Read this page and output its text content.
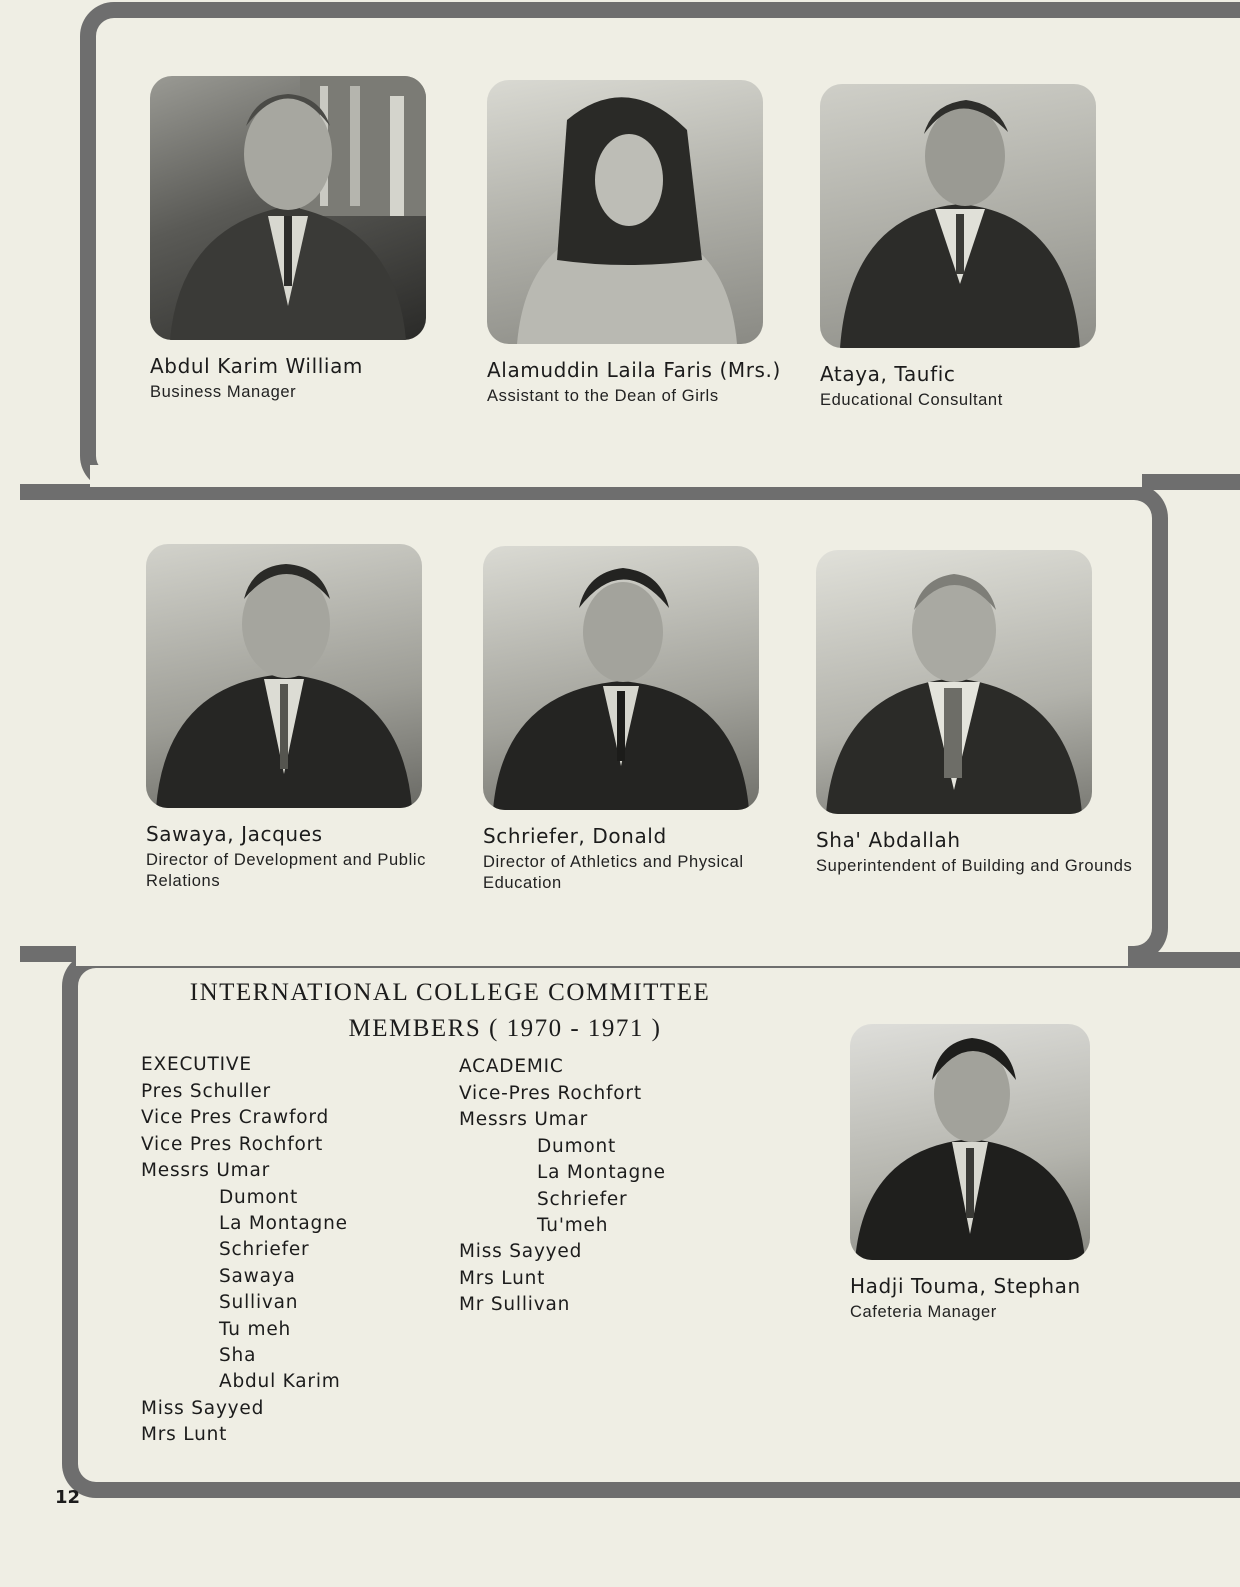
Abdul Karim William
Business Manager
Alamuddin Laila Faris (Mrs.)
Assistant to the Dean of Girls
Ataya, Taufic
Educational Consultant
Sawaya, Jacques
Director of Development and Public Relations
Schriefer, Donald
Director of Athletics and Physical Education
Sha' Abdallah
Superintendent of Building and Grounds
INTERNATIONAL COLLEGE COMMITTEE
MEMBERS ( 1970 - 1971 )
EXECUTIVE
Pres Schuller
Vice Pres Crawford
Vice Pres Rochfort
Messrs Umar
Dumont
La Montagne
Schriefer
Sawaya
Sullivan
Tu meh
Sha
Abdul Karim
Miss Sayyed
Mrs Lunt
ACADEMIC
Vice-Pres Rochfort
Messrs Umar
Dumont
La Montagne
Schriefer
Tu'meh
Miss Sayyed
Mrs Lunt
Mr Sullivan
Hadji Touma, Stephan
Cafeteria Manager
12
